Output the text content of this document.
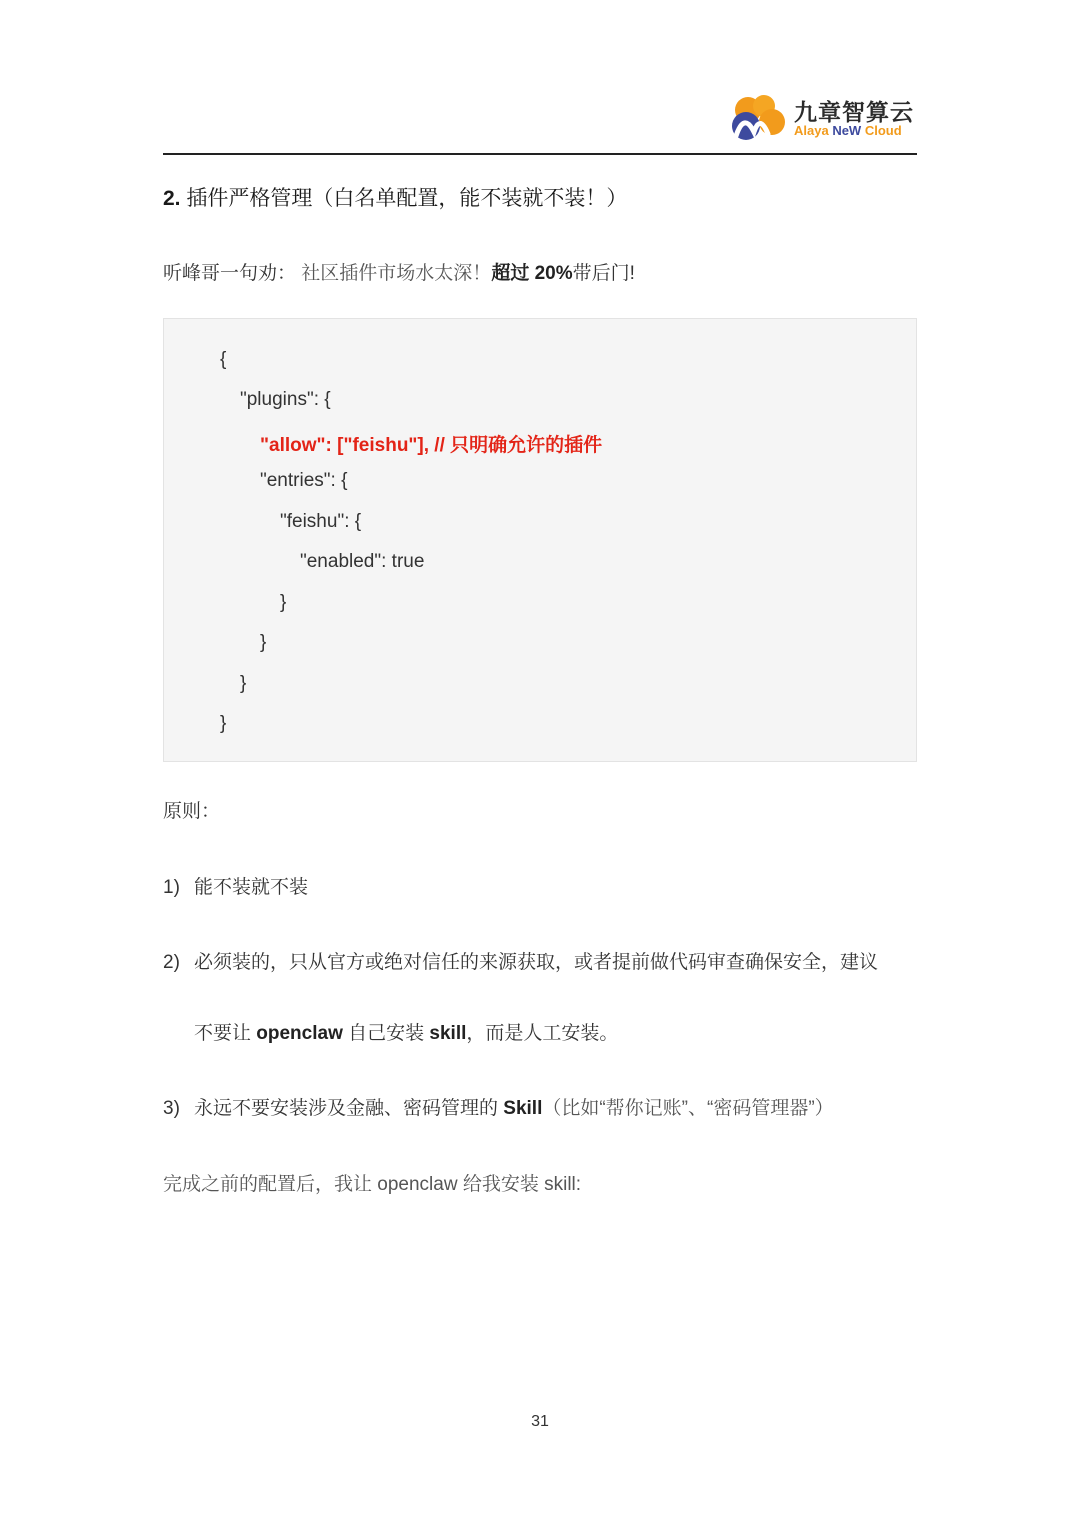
九章智算云
Alaya NeW Cloud
2. 插件严格管理（白名单配置，能不装就不装！）
听峰哥一句劝： 社区插件市场水太深！超过 20%带后门!
{
"plugins": {
"allow": ["feishu"], // 只明确允许的插件
"entries": {
"feishu": {
"enabled": true
}
}
}
}
原则：
1) 能不装就不装
2) 必须装的，只从官方或绝对信任的来源获取，或者提前做代码审查确保安全，建议
不要让 openclaw 自己安装 skill，而是人工安装。
3) 永远不要安装涉及金融、密码管理的 Skill（比如“帮你记账”、“密码管理器”）
完成之前的配置后，我让 openclaw 给我安装 skill:
31
